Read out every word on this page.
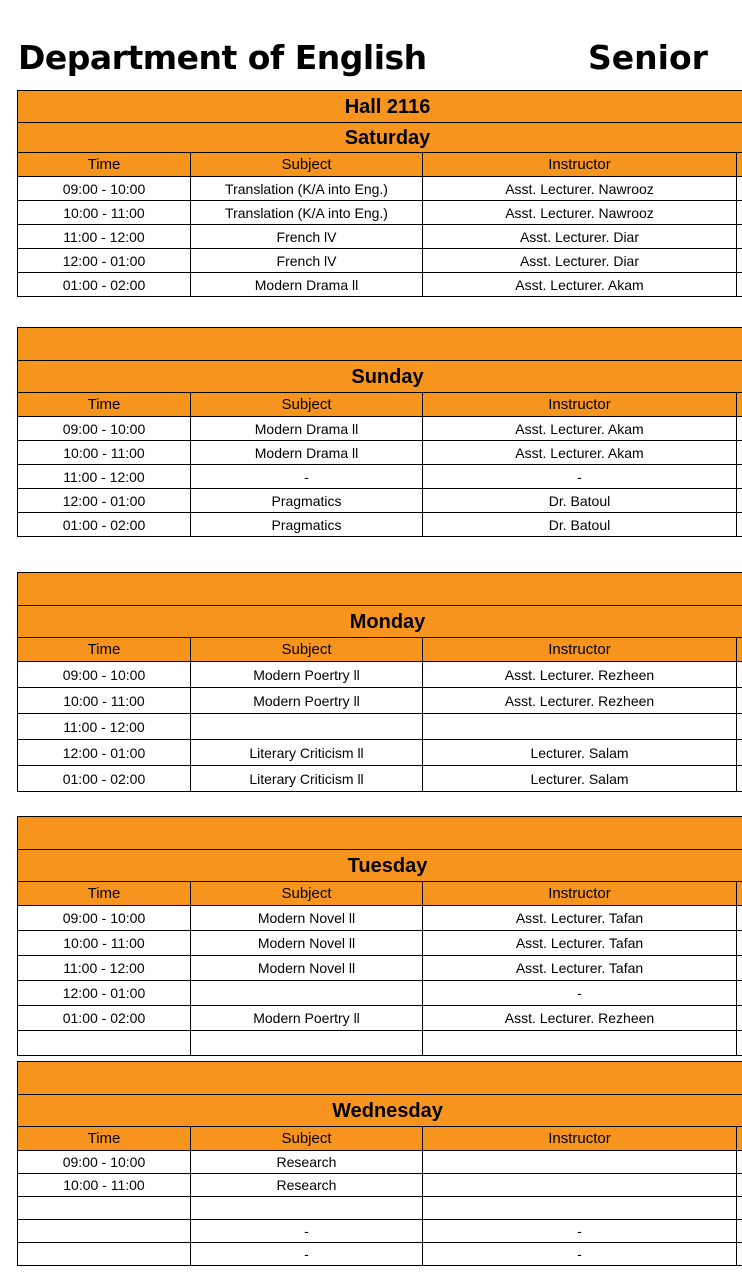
Department of English	Senior
Hall 2116			
Saturday			
Time	Subject	Instructor	
09:00 - 10:00	Translation (K/A into Eng.)	Asst. Lecturer. Nawrooz	
10:00 - 11:00	Translation (K/A into Eng.)	Asst. Lecturer. Nawrooz	
11:00 - 12:00	French lV	Asst. Lecturer. Diar	
12:00 - 01:00	French lV	Asst. Lecturer. Diar	
01:00 - 02:00	Modern Drama ll	Asst. Lecturer. Akam	

Sunday			
Time	Subject	Instructor	
09:00 - 10:00	Modern Drama ll	Asst. Lecturer. Akam	
10:00 - 11:00	Modern Drama ll	Asst. Lecturer. Akam	
11:00 - 12:00	-	-	
12:00 - 01:00	Pragmatics	Dr. Batoul	
01:00 - 02:00	Pragmatics	Dr. Batoul	

Monday			
Time	Subject	Instructor	
09:00 - 10:00	Modern Poertry ll	Asst. Lecturer. Rezheen	
10:00 - 11:00	Modern Poertry ll	Asst. Lecturer. Rezheen	
11:00 - 12:00			
12:00 - 01:00	Literary Criticism ll	Lecturer. Salam	
01:00 - 02:00	Literary Criticism ll	Lecturer. Salam	

Tuesday			
Time	Subject	Instructor	
09:00 - 10:00	Modern Novel ll	Asst. Lecturer. Tafan	
10:00 - 11:00	Modern Novel ll	Asst. Lecturer. Tafan	
11:00 - 12:00	Modern Novel ll	Asst. Lecturer. Tafan	
12:00 - 01:00		-	
01:00 - 02:00	Modern Poertry ll	Asst. Lecturer. Rezheen	

Wednesday			
Time	Subject	Instructor	
09:00 - 10:00	Research		
10:00 - 11:00	Research		

	-	-	
	-	-	
